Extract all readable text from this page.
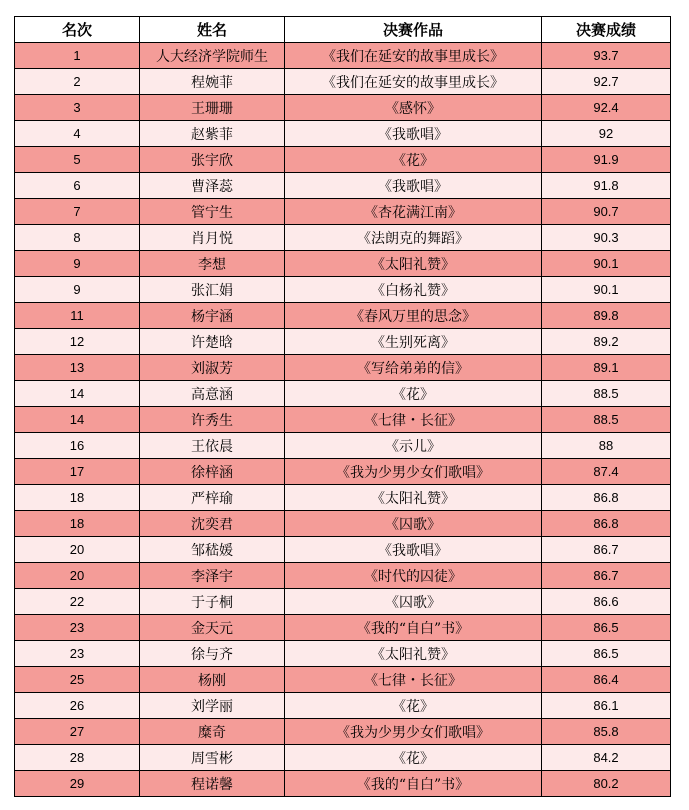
名次	姓名	决赛作品	决赛成绩
1	人大经济学院师生	《我们在延安的故事里成长》	93.7
2	程婉菲	《我们在延安的故事里成长》	92.7
3	王珊珊	《感怀》	92.4
4	赵紫菲	《我歌唱》	92
5	张宇欣	《花》	91.9
6	曹泽蕊	《我歌唱》	91.8
7	管宁生	《杏花满江南》	90.7
8	肖月悦	《法朗克的舞蹈》	90.3
9	李想	《太阳礼赞》	90.1
9	张汇娟	《白杨礼赞》	90.1
11	杨宇涵	《春风万里的思念》	89.8
12	许楚晗	《生别死离》	89.2
13	刘淑芳	《写给弟弟的信》	89.1
14	高意涵	《花》	88.5
14	许秀生	《七律・长征》	88.5
16	王依晨	《示儿》	88
17	徐梓涵	《我为少男少女们歌唱》	87.4
18	严梓瑜	《太阳礼赞》	86.8
18	沈奕君	《囚歌》	86.8
20	邹嵇媛	《我歌唱》	86.7
20	李泽宇	《时代的囚徒》	86.7
22	于子桐	《囚歌》	86.6
23	金天元	《我的“自白”书》	86.5
23	徐与齐	《太阳礼赞》	86.5
25	杨刚	《七律・长征》	86.4
26	刘学丽	《花》	86.1
27	糜奇	《我为少男少女们歌唱》	85.8
28	周雪彬	《花》	84.2
29	程诺馨	《我的“自白”书》	80.2
